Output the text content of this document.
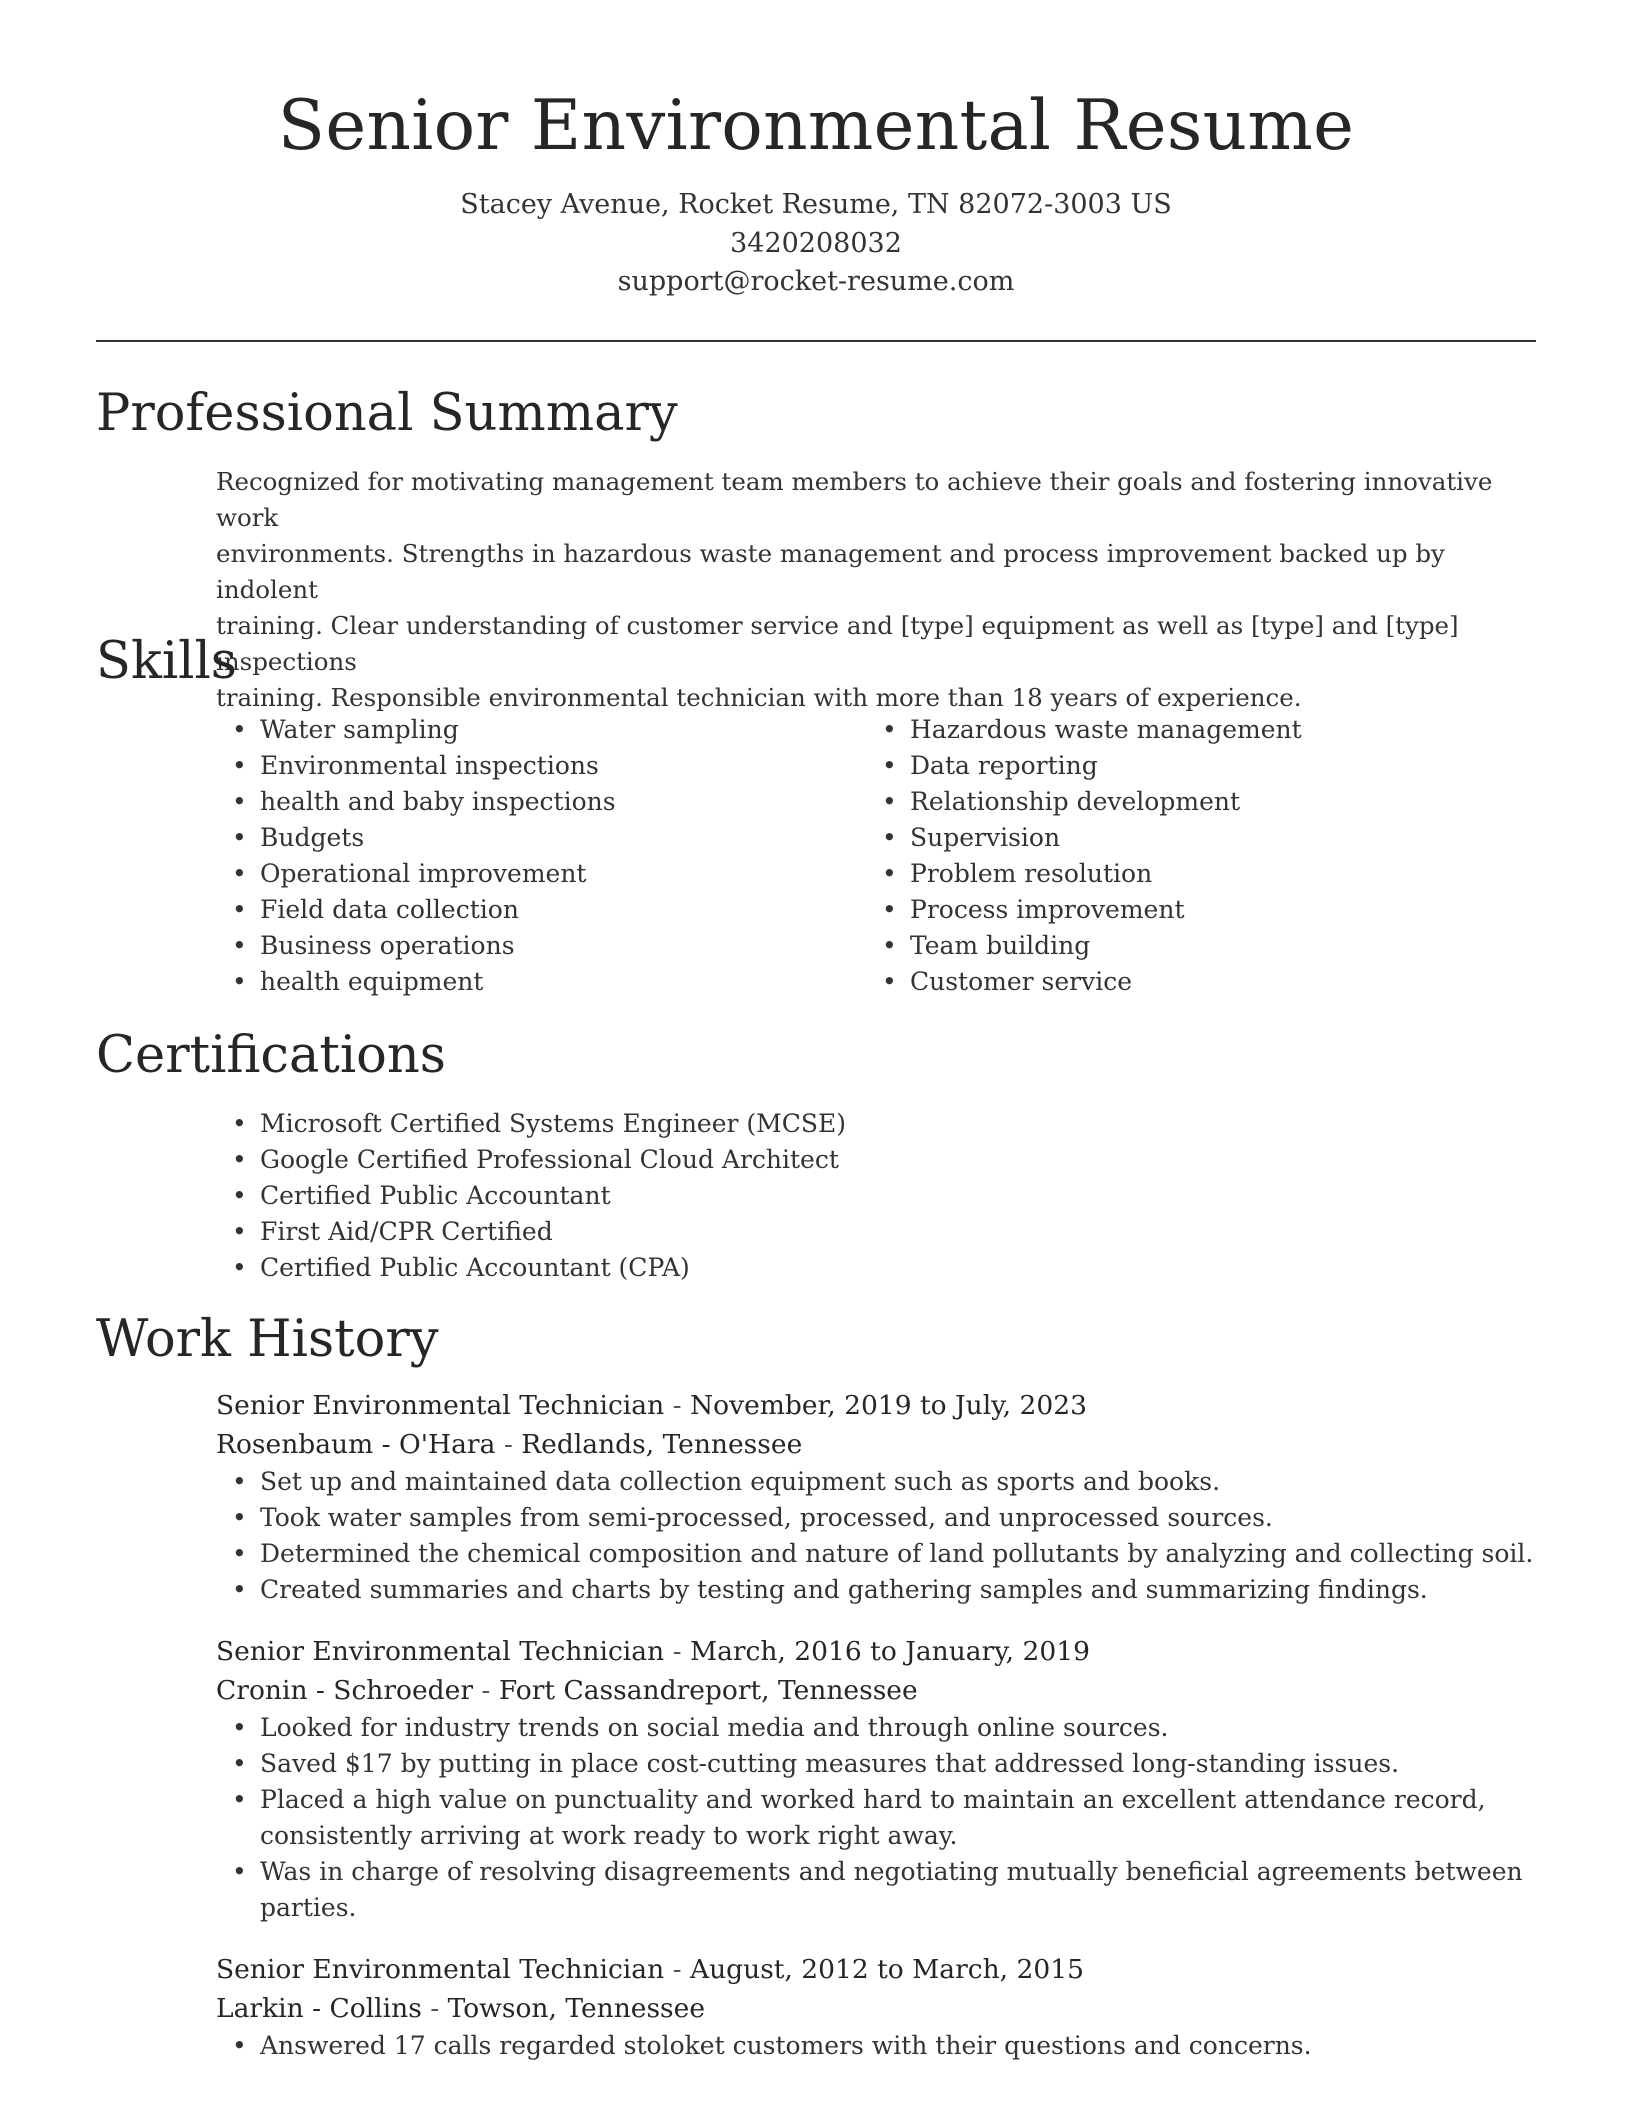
Senior Environmental Resume
Stacey Avenue, Rocket Resume, TN 82072-3003 US
3420208032
support@rocket-resume.com
Professional Summary
Recognized for motivating management team members to achieve their goals and fostering innovative work
environments. Strengths in hazardous waste management and process improvement backed up by indolent
training. Clear understanding of customer service and [type] equipment as well as [type] and [type] inspections
training. Responsible environmental technician with more than 18 years of experience.
Skills
• Water sampling
• Environmental inspections
• health and baby inspections
• Budgets
• Operational improvement
• Field data collection
• Business operations
• health equipment
• Hazardous waste management
• Data reporting
• Relationship development
• Supervision
• Problem resolution
• Process improvement
• Team building
• Customer service
Certifications
• Microsoft Certified Systems Engineer (MCSE)
• Google Certified Professional Cloud Architect
• Certified Public Accountant
• First Aid/CPR Certified
• Certified Public Accountant (CPA)
Work History
Senior Environmental Technician - November, 2019 to July, 2023
Rosenbaum - O'Hara - Redlands, Tennessee
• Set up and maintained data collection equipment such as sports and books.
• Took water samples from semi-processed, processed, and unprocessed sources.
• Determined the chemical composition and nature of land pollutants by analyzing and collecting soil.
• Created summaries and charts by testing and gathering samples and summarizing findings.
Senior Environmental Technician - March, 2016 to January, 2019
Cronin - Schroeder - Fort Cassandreport, Tennessee
• Looked for industry trends on social media and through online sources.
• Saved $17 by putting in place cost-cutting measures that addressed long-standing issues.
• Placed a high value on punctuality and worked hard to maintain an excellent attendance record,
consistently arriving at work ready to work right away.
• Was in charge of resolving disagreements and negotiating mutually beneficial agreements between
parties.
Senior Environmental Technician - August, 2012 to March, 2015
Larkin - Collins - Towson, Tennessee
• Answered 17 calls regarded stoloket customers with their questions and concerns.
